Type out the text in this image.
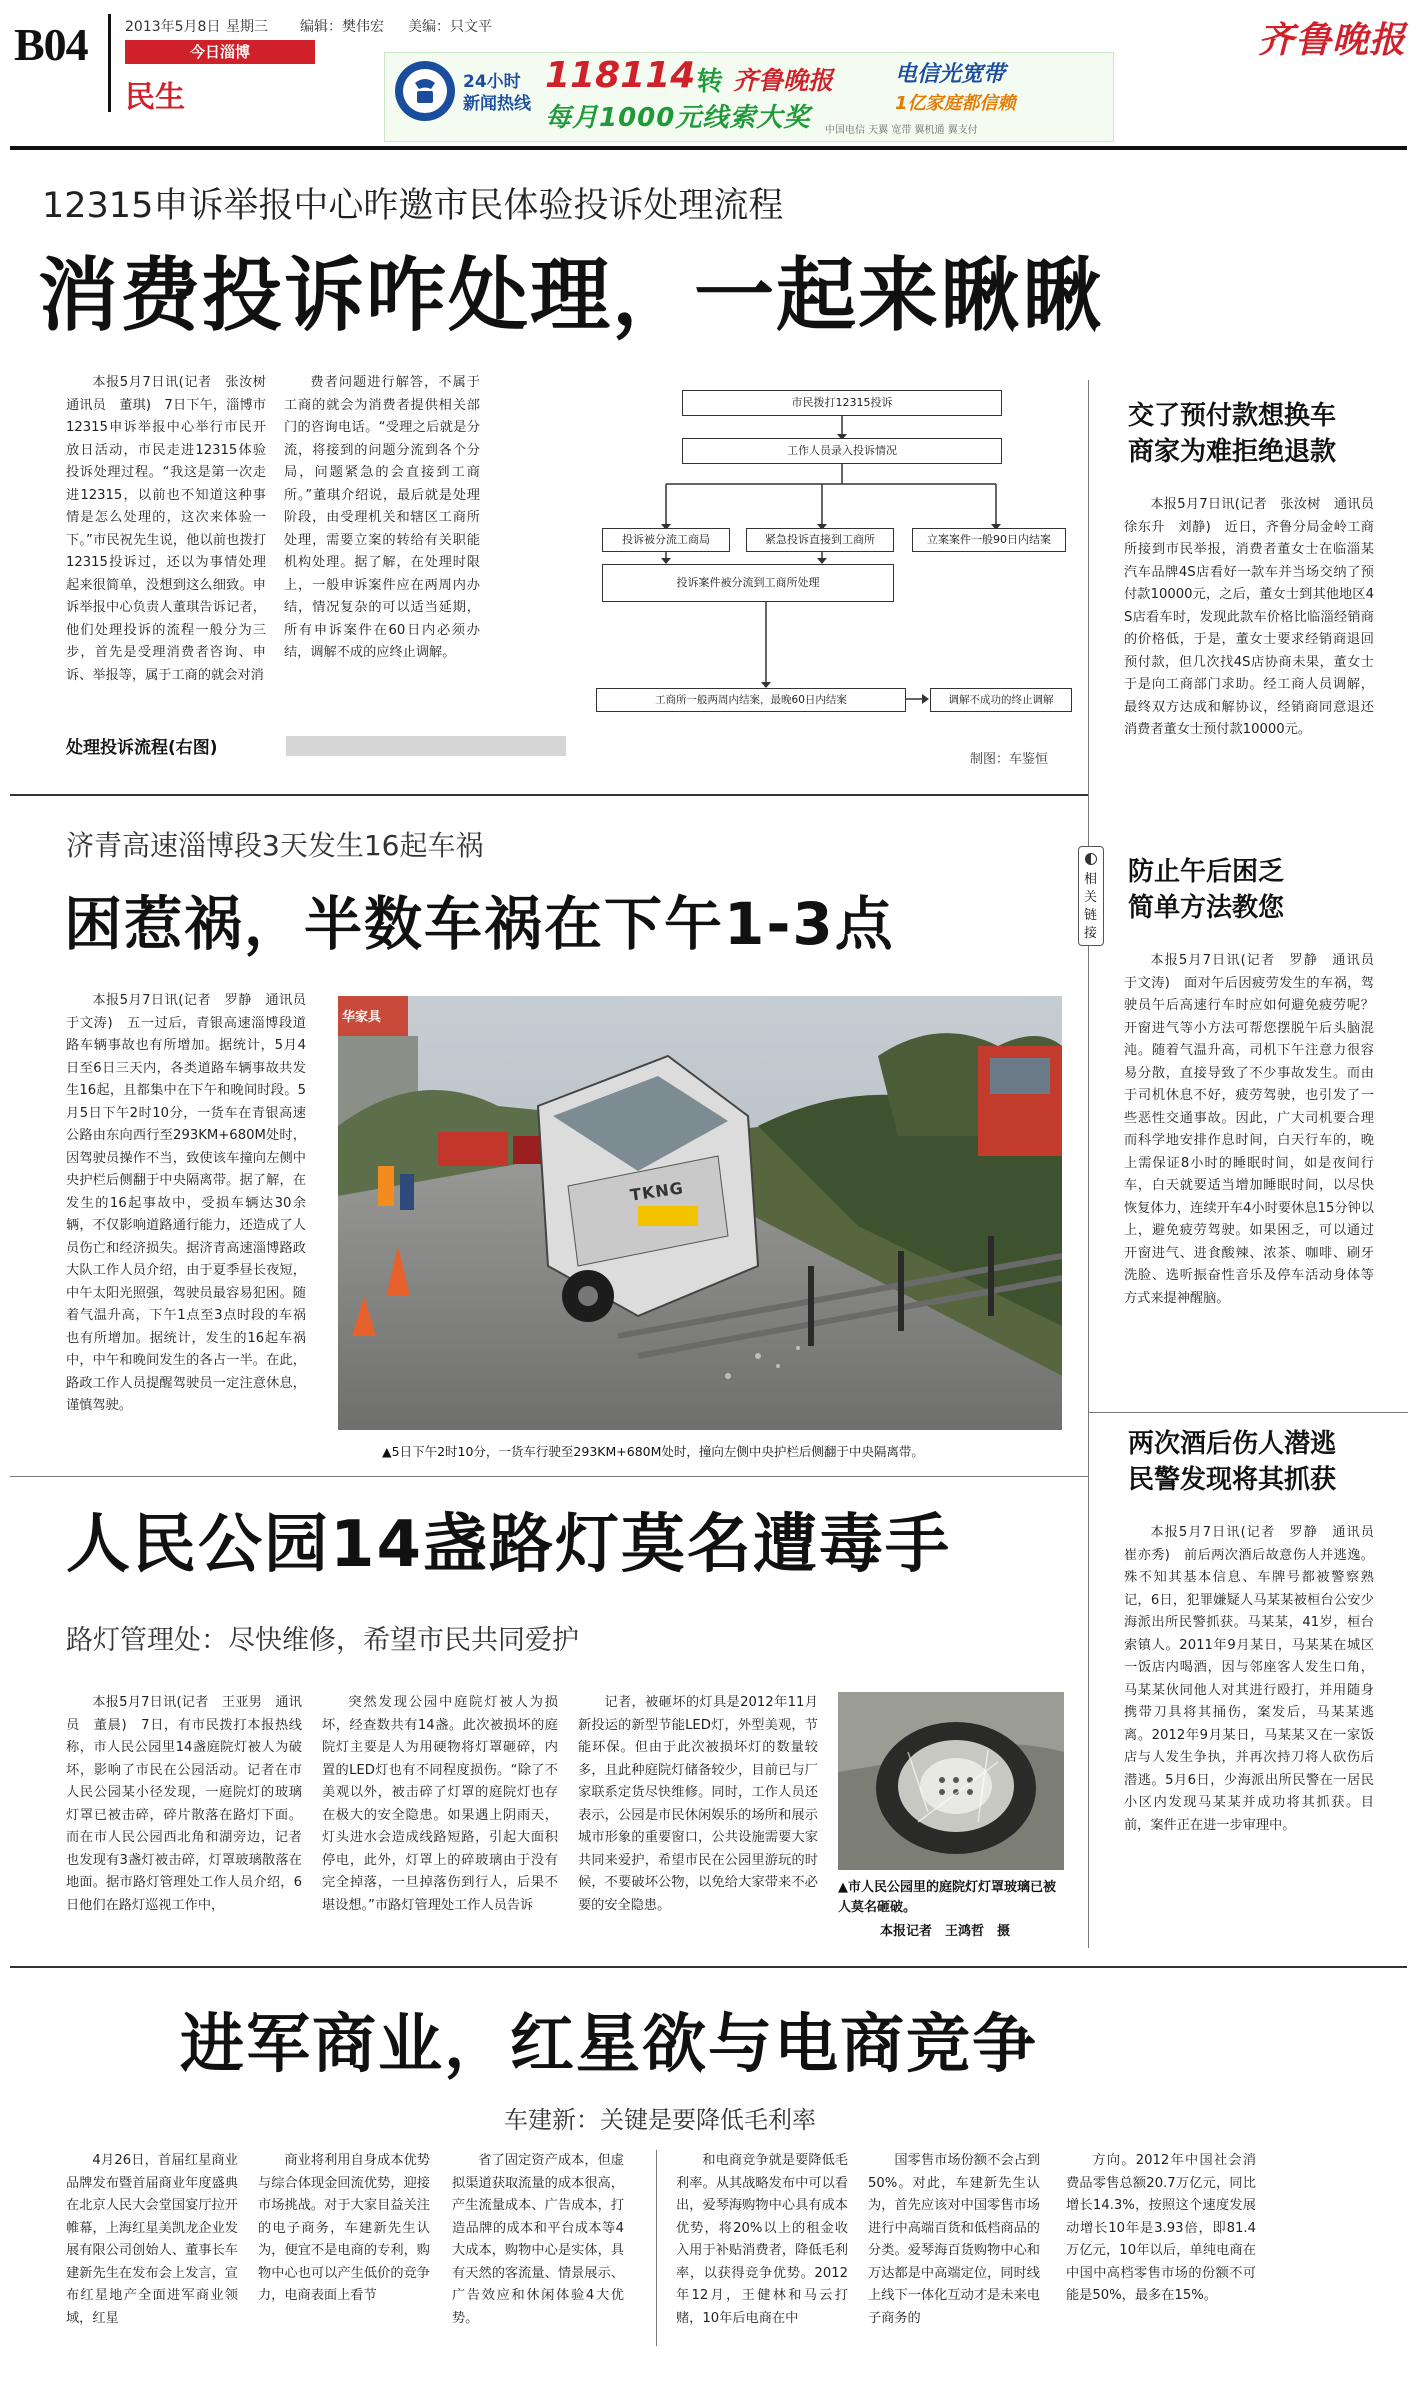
B04	2013年5月8日 星期三 编辑：樊伟宏 美编：只文平
今日淄博
民生	24小时新闻热线
118114 转 齐鲁晚报
每月1000元线索大奖
电信光宽带
1亿家庭都信赖
中国电信 天翼 宽带 翼机通 翼支付
齐鲁晚报
12315申诉举报中心昨邀市民体验投诉处理流程
消费投诉咋处理，一起来瞅瞅

本报5月7日讯(记者　张汝树　通讯员　董琪)　7日下午，淄博市12315申诉举报中心举行市民开放日活动，市民走进12315体验投诉处理过程。“我这是第一次走进12315，以前也不知道这种事情是怎么处理的，这次来体验一下。”市民祝先生说，他以前也拨打12315投诉过，还以为事情处理起来很简单，没想到这么细致。申诉举报中心负责人董琪告诉记者，他们处理投诉的流程一般分为三步，首先是受理消费者咨询、申诉、举报等，属于工商的就会对消

费者问题进行解答，不属于工商的就会为消费者提供相关部门的咨询电话。“受理之后就是分流，将接到的问题分流到各个分局，问题紧急的会直接到工商所。”董琪介绍说，最后就是处理阶段，由受理机关和辖区工商所处理，需要立案的转给有关职能机构处理。据了解，在处理时限上，一般申诉案件应在两周内办结，情况复杂的可以适当延期，所有申诉案件在60日内必须办结，调解不成的应终止调解。

处理投诉流程(右图)
市民拨打12315投诉
工作人员录入投诉情况
投诉被分流工商局	紧急投诉直接到工商所	立案案件一般90日内结案
投诉案件被分流到工商所处理
工商所一般两周内结案，最晚60日内结案	调解不成功的终止调解
制图：车鉴恒
交了预付款想换车　商家为难拒绝退款

本报5月7日讯(记者　张汝树　通讯员　徐东升　刘静)　近日，齐鲁分局金岭工商所接到市民举报，消费者董女士在临淄某汽车品牌4S店看好一款车并当场交纳了预付款10000元，之后，董女士到其他地区4S店看车时，发现此款车价格比临淄经销商的价格低，于是，董女士要求经销商退回预付款，但几次找4S店协商未果，董女士于是向工商部门求助。经工商人员调解，最终双方达成和解协议，经销商同意退还消费者董女士预付款10000元。

济青高速淄博段3天发生16起车祸
困惹祸，半数车祸在下午1-3点

本报5月7日讯(记者　罗静　通讯员　于文涛)　五一过后，青银高速淄博段道路车辆事故也有所增加。据统计，5月4日至6日三天内，各类道路车辆事故共发生16起，且都集中在下午和晚间时段。5月5日下午2时10分，一货车在青银高速公路由东向西行至293KM+680M处时，因驾驶员操作不当，致使该车撞向左侧中央护栏后侧翻于中央隔离带。据了解，在发生的16起事故中，受损车辆达30余辆，不仅影响道路通行能力，还造成了人员伤亡和经济损失。据济青高速淄博路政大队工作人员介绍，由于夏季昼长夜短，中午太阳光照强，驾驶员最容易犯困。随着气温升高，下午1点至3点时段的车祸也有所增加。据统计，发生的16起车祸中，中午和晚间发生的各占一半。在此，路政工作人员提醒驾驶员一定注意休息，谨慎驾驶。

华家具
TKNG
▲5日下午2时10分，一货车行驶至293KM+680M处时，撞向左侧中央护栏后侧翻于中央隔离带。
相关链接
防止午后困乏　简单方法教您

本报5月7日讯(记者　罗静　通讯员　于文涛)　面对午后因疲劳发生的车祸，驾驶员午后高速行车时应如何避免疲劳呢？开窗进气等小方法可帮您摆脱午后头脑混沌。随着气温升高，司机下午注意力很容易分散，直接导致了不少事故发生。而由于司机休息不好，疲劳驾驶，也引发了一些恶性交通事故。因此，广大司机要合理而科学地安排作息时间，白天行车的，晚上需保证8小时的睡眠时间，如是夜间行车，白天就要适当增加睡眠时间，以尽快恢复体力，连续开车4小时要休息15分钟以上，避免疲劳驾驶。如果困乏，可以通过开窗进气、进食酸辣、浓茶、咖啡、刷牙洗脸、选听振奋性音乐及停车活动身体等方式来提神醒脑。

两次酒后伤人潜逃　民警发现将其抓获

本报5月7日讯(记者　罗静　通讯员　崔亦秀)　前后两次酒后故意伤人并逃逸。殊不知其基本信息、车牌号都被警察熟记，6日，犯罪嫌疑人马某某被桓台公安少海派出所民警抓获。马某某，41岁，桓台索镇人。2011年9月某日，马某某在城区一饭店内喝酒，因与邻座客人发生口角，马某某伙同他人对其进行殴打，并用随身携带刀具将其捅伤，案发后，马某某逃离。2012年9月某日，马某某又在一家饭店与人发生争执，并再次持刀将人砍伤后潜逃。5月6日，少海派出所民警在一居民小区内发现马某某并成功将其抓获。目前，案件正在进一步审理中。

人民公园14盏路灯莫名遭毒手
路灯管理处：尽快维修，希望市民共同爱护

本报5月7日讯(记者　王亚男　通讯员　董晨)　7日，有市民拨打本报热线称，市人民公园里14盏庭院灯被人为破坏，影响了市民在公园活动。记者在市人民公园某小径发现，一庭院灯的玻璃灯罩已被击碎，碎片散落在路灯下面。而在市人民公园西北角和湖旁边，记者也发现有3盏灯被击碎，灯罩玻璃散落在地面。据市路灯管理处工作人员介绍，6日他们在路灯巡视工作中，

突然发现公园中庭院灯被人为损坏，经查数共有14盏。此次被损坏的庭院灯主要是人为用硬物将灯罩砸碎，内置的LED灯也有不同程度损伤。“除了不美观以外，被击碎了灯罩的庭院灯也存在极大的安全隐患。如果遇上阴雨天，灯头进水会造成线路短路，引起大面积停电，此外，灯罩上的碎玻璃由于没有完全掉落，一旦掉落伤到行人，后果不堪设想。”市路灯管理处工作人员告诉

记者，被砸坏的灯具是2012年11月新投运的新型节能LED灯，外型美观，节能环保。但由于此次被损坏灯的数量较多，且此种庭院灯储备较少，目前已与厂家联系定货尽快维修。同时，工作人员还表示，公园是市民休闲娱乐的场所和展示城市形象的重要窗口，公共设施需要大家共同来爱护，希望市民在公园里游玩的时候，不要破坏公物，以免给大家带来不必要的安全隐患。

▲市人民公园里的庭院灯灯罩玻璃已被人莫名砸破。
本报记者　王鸿哲　摄
进军商业，红星欲与电商竞争
车建新：关键是要降低毛利率

4月26日，首届红星商业品牌发布暨首届商业年度盛典在北京人民大会堂国宴厅拉开帷幕，上海红星美凯龙企业发展有限公司创始人、董事长车建新先生在发布会上发言，宣布红星地产全面进军商业领域，红星

商业将利用自身成本优势与综合体现金回流优势，迎接市场挑战。对于大家目益关注的电子商务，车建新先生认为，便宜不是电商的专利，购物中心也可以产生低价的竞争力，电商表面上看节

省了固定资产成本，但虚拟渠道获取流量的成本很高，产生流量成本、广告成本，打造品牌的成本和平台成本等4大成本，购物中心是实体，具有天然的客流量、情景展示、广告效应和休闲体验4大优势。

和电商竞争就是要降低毛利率。从其战略发布中可以看出，爱琴海购物中心具有成本优势，将20%以上的租金收入用于补贴消费者，降低毛利率，以获得竞争优势。2012年12月，王健林和马云打赌，10年后电商在中

国零售市场份额不会占到50%。对此，车建新先生认为，首先应该对中国零售市场进行中高端百货和低档商品的分类。爱琴海百货购物中心和万达都是中高端定位，同时线上线下一体化互动才是未来电子商务的

方向。2012年中国社会消费品零售总额20.7万亿元，同比增长14.3%，按照这个速度发展动增长10年是3.93倍，即81.4万亿元，10年以后，单纯电商在中国中高档零售市场的份额不可能是50%，最多在15%。
